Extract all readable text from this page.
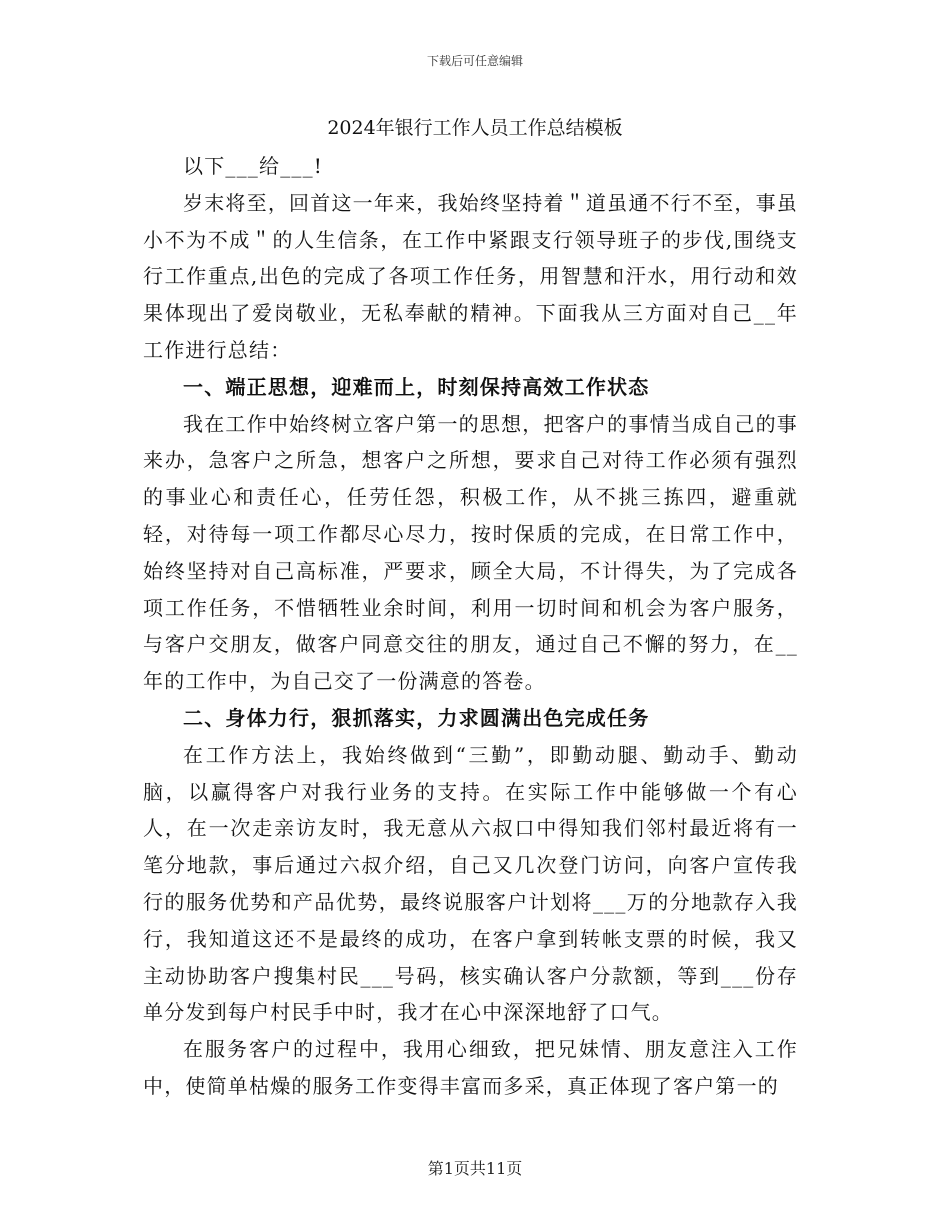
下载后可任意编辑
2024年银行工作人员工作总结模板

以下___给___!

岁末将至，回首这一年来，我始终坚持着＂道虽通不行不至，事虽小不为不成＂的人生信条，在工作中紧跟支行领导班子的步伐,围绕支行工作重点,出色的完成了各项工作任务，用智慧和汗水，用行动和效果体现出了爱岗敬业，无私奉献的精神。下面我从三方面对自己__年工作进行总结：

一、端正思想，迎难而上，时刻保持高效工作状态

我在工作中始终树立客户第一的思想，把客户的事情当成自己的事来办，急客户之所急，想客户之所想，要求自己对待工作必须有强烈的事业心和责任心，任劳任怨，积极工作，从不挑三拣四，避重就轻，对待每一项工作都尽心尽力，按时保质的完成，在日常工作中，始终坚持对自己高标准，严要求，顾全大局，不计得失，为了完成各项工作任务，不惜牺牲业余时间，利用一切时间和机会为客户服务，与客户交朋友，做客户同意交往的朋友，通过自己不懈的努力，在__年的工作中，为自己交了一份满意的答卷。

二、身体力行，狠抓落实，力求圆满出色完成任务

在工作方法上，我始终做到“三勤”，即勤动腿、勤动手、勤动脑，以赢得客户对我行业务的支持。在实际工作中能够做一个有心人，在一次走亲访友时，我无意从六叔口中得知我们邻村最近将有一笔分地款，事后通过六叔介绍，自己又几次登门访问，向客户宣传我行的服务优势和产品优势，最终说服客户计划将___万的分地款存入我行，我知道这还不是最终的成功，在客户拿到转帐支票的时候，我又主动协助客户搜集村民___号码，核实确认客户分款额，等到___份存单分发到每户村民手中时，我才在心中深深地舒了口气。

在服务客户的过程中，我用心细致，把兄妹情、朋友意注入工作中，使简单枯燥的服务工作变得丰富而多采，真正体现了客户第一的

第1页共11页
